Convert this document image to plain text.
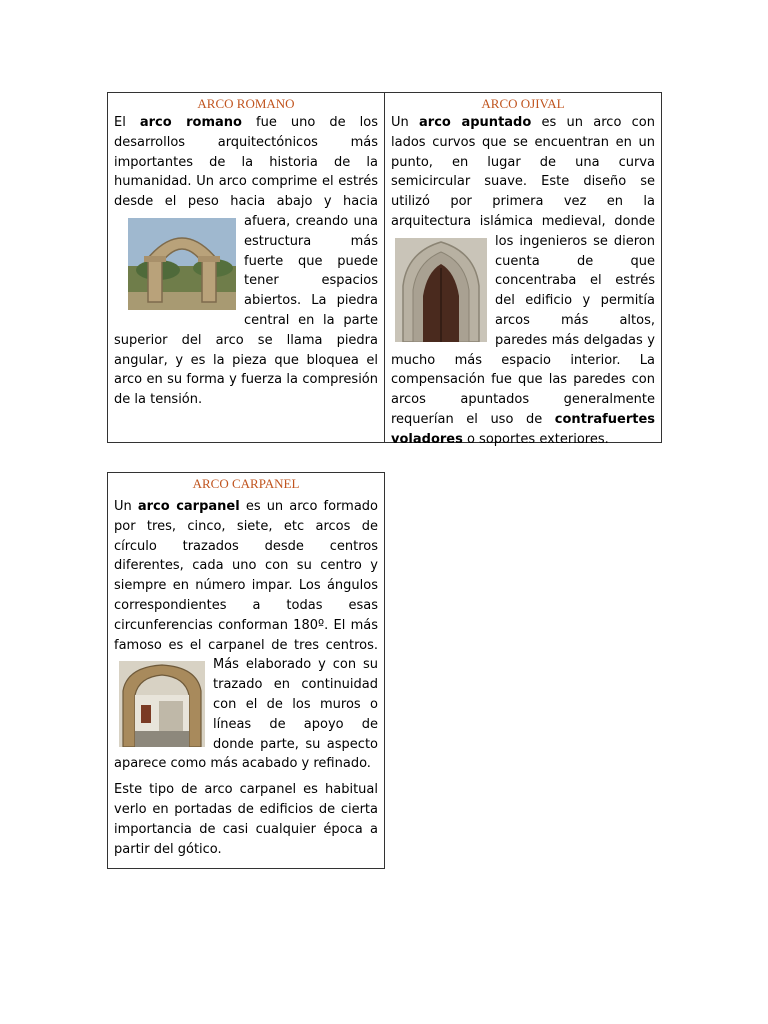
ARCO ROMANO
El arco romano fue uno de los desarrollos arquitectónicos más importantes de la historia de la humanidad. Un arco comprime el estrés desde el peso hacia abajo y hacia afuera,
creando una estructura más fuerte que puede tener espacios abiertos. La piedra central en la parte superior del arco se llama piedra angular, y es la pieza que bloquea el arco en su forma y fuerza la compresión de la tensión.
ARCO OJIVAL
Un arco apuntado es un arco con lados curvos que se encuentran en un punto, en lugar de una curva semicircular suave. Este diseño se utilizó por primera vez en la arquitectura islámica medieval,
donde los ingenieros se dieron cuenta de que concentraba el estrés del edificio y permitía arcos más altos, paredes más delgadas y mucho más espacio interior. La compensación fue que las paredes con arcos apuntados generalmente requerían el uso de contrafuertes voladores o soportes exteriores.
ARCO CARPANEL

Un arco carpanel es un arco formado por tres, cinco, siete, etc arcos de círculo trazados desde centros diferentes, cada uno con su centro y siempre en número impar. Los ángulos correspondientes a todas esas circunferencias conforman 180º. El más famoso es el carpanel de tres centros.
Más elaborado y con su trazado en continuidad con el de los muros o líneas de apoyo de donde parte, su aspecto aparece como más acabado y refinado.

Este tipo de arco carpanel es habitual verlo en portadas de edificios de cierta importancia de casi cualquier época a partir del gótico.
